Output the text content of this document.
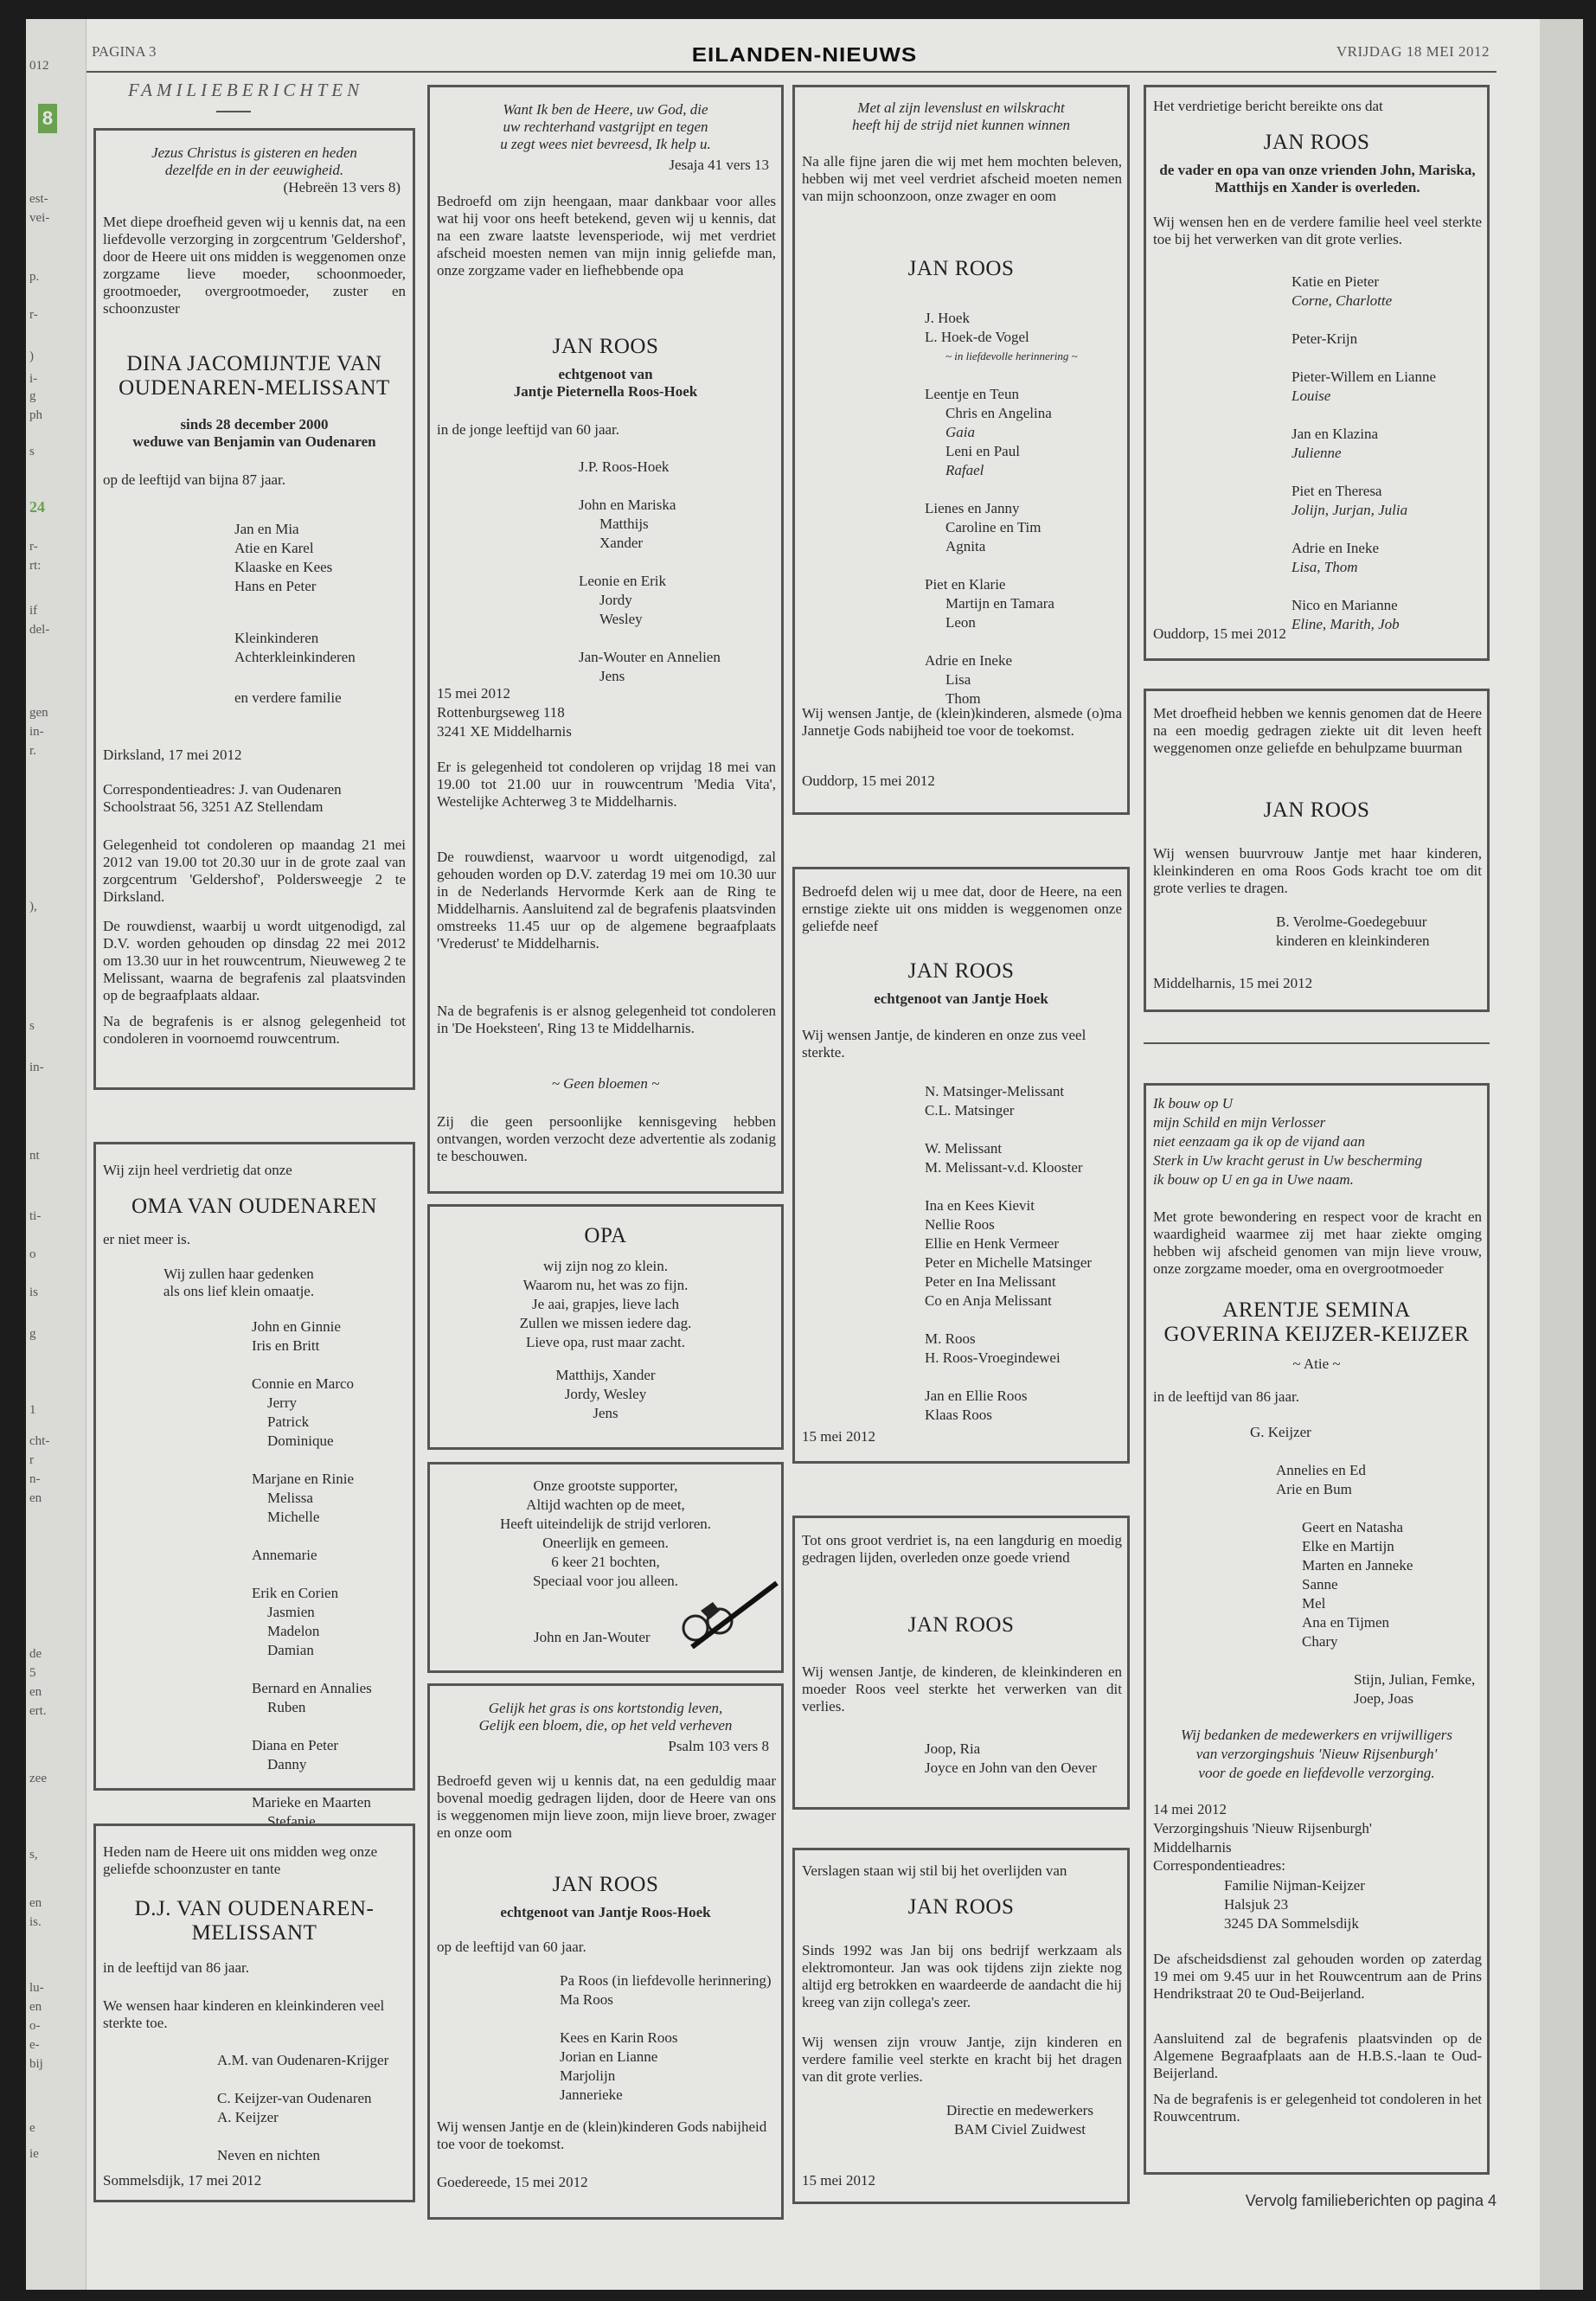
012
8
est-
vei-
p.
r-
)
i-
g
ph
s
24
r-
rt:
if
del-
gen
in-
r.
),
s
in-
nt
ti-
o
is
g
1
cht-
r
n-
en
de
5
en
ert.
zee
s,
en
is.
lu-
en
o-
e-
bij
e
ie
PAGINA 3	EILANDEN-NIEUWS	VRIJDAG 18 MEI 2012
FAMILIEBERICHTEN
Jezus Christus is gisteren en heden
dezelfde en in der eeuwigheid.
(Hebreën 13 vers 8)
Met diepe droefheid geven wij u kennis dat, na een liefdevolle verzorging in zorgcentrum 'Geldershof', door de Heere uit ons midden is weggenomen onze zorgzame lieve moeder, schoonmoeder, grootmoeder, overgrootmoeder, zuster en schoonzuster
DINA JACOMIJNTJE VAN
OUDENAREN-MELISSANT
sinds 28 december 2000
weduwe van Benjamin van Oudenaren
op de leeftijd van bijna 87 jaar.
Jan en Mia
Atie en Karel
Klaaske en Kees
Hans en Peter
Kleinkinderen
Achterkleinkinderen
en verdere familie
Dirksland, 17 mei 2012
Correspondentieadres: J. van Oudenaren
Schoolstraat 56, 3251 AZ Stellendam
Gelegenheid tot condoleren op maandag 21 mei 2012 van 19.00 tot 20.30 uur in de grote zaal van zorgcentrum 'Geldershof', Poldersweegje 2 te Dirksland.
De rouwdienst, waarbij u wordt uitgenodigd, zal D.V. worden gehouden op dinsdag 22 mei 2012 om 13.30 uur in het rouwcentrum, Nieuweweg 2 te Melissant, waarna de begrafenis zal plaatsvinden op de begraafplaats aldaar.
Na de begrafenis is er alsnog gelegenheid tot condoleren in voornoemd rouwcentrum.
Wij zijn heel verdrietig dat onze
OMA VAN OUDENAREN
er niet meer is.
Wij zullen haar gedenken
als ons lief klein omaatje.
John en Ginnie
Iris en Britt
Connie en Marco
Jerry
Patrick
Dominique
Marjane en Rinie
Melissa
Michelle
Annemarie
Erik en Corien
Jasmien
Madelon
Damian
Bernard en Annalies
Ruben
Diana en Peter
Danny
Marieke en Maarten
Stefanie
Heden nam de Heere uit ons midden weg onze geliefde schoonzuster en tante
D.J. VAN OUDENAREN-
MELISSANT
in de leeftijd van 86 jaar.
We wensen haar kinderen en kleinkinderen veel sterkte toe.
A.M. van Oudenaren-Krijger
C. Keijzer-van Oudenaren
A. Keijzer
Neven en nichten
Sommelsdijk, 17 mei 2012
Want Ik ben de Heere, uw God, die
uw rechterhand vastgrijpt en tegen
u zegt wees niet bevreesd, Ik help u.
Jesaja 41 vers 13
Bedroefd om zijn heengaan, maar dankbaar voor alles wat hij voor ons heeft betekend, geven wij u kennis, dat na een zware laatste levensperiode, wij met verdriet afscheid moesten nemen van mijn innig geliefde man, onze zorgzame vader en liefhebbende opa
JAN ROOS
echtgenoot van
Jantje Pieternella Roos-Hoek
in de jonge leeftijd van 60 jaar.
J.P. Roos-Hoek
John en Mariska
Matthijs
Xander
Leonie en Erik
Jordy
Wesley
Jan-Wouter en Annelien
Jens
15 mei 2012
Rottenburgseweg 118
3241 XE Middelharnis
Er is gelegenheid tot condoleren op vrijdag 18 mei van 19.00 tot 21.00 uur in rouwcentrum 'Media Vita', Westelijke Achterweg 3 te Middelharnis.
De rouwdienst, waarvoor u wordt uitgenodigd, zal gehouden worden op D.V. zaterdag 19 mei om 10.30 uur in de Nederlands Hervormde Kerk aan de Ring te Middelharnis. Aansluitend zal de begrafenis plaatsvinden omstreeks 11.45 uur op de algemene begraafplaats 'Vrederust' te Middelharnis.
Na de begrafenis is er alsnog gelegenheid tot condoleren in 'De Hoeksteen', Ring 13 te Middelharnis.
~ Geen bloemen ~
Zij die geen persoonlijke kennisgeving hebben ontvangen, worden verzocht deze advertentie als zodanig te beschouwen.
OPA
wij zijn nog zo klein.
Waarom nu, het was zo fijn.
Je aai, grapjes, lieve lach
Zullen we missen iedere dag.
Lieve opa, rust maar zacht.
Matthijs, Xander
Jordy, Wesley
Jens
Onze grootste supporter,
Altijd wachten op de meet,
Heeft uiteindelijk de strijd verloren.
Oneerlijk en gemeen.
6 keer 21 bochten,
Speciaal voor jou alleen.
John en Jan-Wouter
Gelijk het gras is ons kortstondig leven,
Gelijk een bloem, die, op het veld verheven
Psalm 103 vers 8
Bedroefd geven wij u kennis dat, na een geduldig maar bovenal moedig gedragen lijden, door de Heere van ons is weggenomen mijn lieve zoon, mijn lieve broer, zwager en onze oom
JAN ROOS
echtgenoot van Jantje Roos-Hoek
op de leeftijd van 60 jaar.
Pa Roos (in liefdevolle herinnering)
Ma Roos
Kees en Karin Roos
Jorian en Lianne
Marjolijn
Jannerieke
Wij wensen Jantje en de (klein)kinderen Gods nabijheid toe voor de toekomst.
Goedereede, 15 mei 2012
Met al zijn levenslust en wilskracht
heeft hij de strijd niet kunnen winnen
Na alle fijne jaren die wij met hem mochten beleven, hebben wij met veel verdriet afscheid moeten nemen van mijn schoonzoon, onze zwager en oom
JAN ROOS
J. Hoek
L. Hoek-de Vogel
~ in liefdevolle herinnering ~
Leentje en Teun
Chris en Angelina
Gaia
Leni en Paul
Rafael
Lienes en Janny
Caroline en Tim
Agnita
Piet en Klarie
Martijn en Tamara
Leon
Adrie en Ineke
Lisa
Thom
Wij wensen Jantje, de (klein)kinderen, alsmede (o)ma Jannetje Gods nabijheid toe voor de toekomst.
Ouddorp, 15 mei 2012
Bedroefd delen wij u mee dat, door de Heere, na een ernstige ziekte uit ons midden is weggenomen onze geliefde neef
JAN ROOS
echtgenoot van Jantje Hoek
Wij wensen Jantje, de kinderen en onze zus veel sterkte.
N. Matsinger-Melissant
C.L. Matsinger
W. Melissant
M. Melissant-v.d. Klooster
Ina en Kees Kievit
Nellie Roos
Ellie en Henk Vermeer
Peter en Michelle Matsinger
Peter en Ina Melissant
Co en Anja Melissant
M. Roos
H. Roos-Vroegindewei
Jan en Ellie Roos
Klaas Roos
15 mei 2012
Tot ons groot verdriet is, na een langdurig en moedig gedragen lijden, overleden onze goede vriend
JAN ROOS
Wij wensen Jantje, de kinderen, de kleinkinderen en moeder Roos veel sterkte het verwerken van dit verlies.
Joop, Ria
Joyce en John van den Oever
Verslagen staan wij stil bij het overlijden van
JAN ROOS
Sinds 1992 was Jan bij ons bedrijf werkzaam als elektromonteur. Jan was ook tijdens zijn ziekte nog altijd erg betrokken en waardeerde de aandacht die hij kreeg van zijn collega's zeer.
Wij wensen zijn vrouw Jantje, zijn kinderen en verdere familie veel sterkte en kracht bij het dragen van dit grote verlies.
Directie en medewerkers
BAM Civiel Zuidwest
15 mei 2012
Het verdrietige bericht bereikte ons dat
JAN ROOS
de vader en opa van onze vrienden John, Mariska, Matthijs en Xander is overleden.
Wij wensen hen en de verdere familie heel veel sterkte toe bij het verwerken van dit grote verlies.
Katie en Pieter
Corne, Charlotte
Peter-Krijn
Pieter-Willem en Lianne
Louise
Jan en Klazina
Julienne
Piet en Theresa
Jolijn, Jurjan, Julia
Adrie en Ineke
Lisa, Thom
Nico en Marianne
Eline, Marith, Job
Ouddorp, 15 mei 2012
Met droefheid hebben we kennis genomen dat de Heere na een moedig gedragen ziekte uit dit leven heeft weggenomen onze geliefde en behulpzame buurman
JAN ROOS
Wij wensen buurvrouw Jantje met haar kinderen, kleinkinderen en oma Roos Gods kracht toe om dit grote verlies te dragen.
B. Verolme-Goedegebuur
kinderen en kleinkinderen
Middelharnis, 15 mei 2012
Ik bouw op U
mijn Schild en mijn Verlosser
niet eenzaam ga ik op de vijand aan
Sterk in Uw kracht gerust in Uw bescherming
ik bouw op U en ga in Uwe naam.
Met grote bewondering en respect voor de kracht en waardigheid waarmee zij met haar ziekte omging hebben wij afscheid genomen van mijn lieve vrouw, onze zorgzame moeder, oma en overgrootmoeder
ARENTJE SEMINA
GOVERINA KEIJZER-KEIJZER
~ Atie ~
in de leeftijd van 86 jaar.
G. Keijzer
Annelies en Ed
Arie en Bum
Geert en Natasha
Elke en Martijn
Marten en Janneke
Sanne
Mel
Ana en Tijmen
Chary
Stijn, Julian, Femke,
Joep, Joas
Wij bedanken de medewerkers en vrijwilligers
van verzorgingshuis 'Nieuw Rijsenburgh'
voor de goede en liefdevolle verzorging.
14 mei 2012
Verzorgingshuis 'Nieuw Rijsenburgh'
Middelharnis
Correspondentieadres:
Familie Nijman-Keijzer
Halsjuk 23
3245 DA Sommelsdijk
De afscheidsdienst zal gehouden worden op zaterdag 19 mei om 9.45 uur in het Rouwcentrum aan de Prins Hendrikstraat 20 te Oud-Beijerland.
Aansluitend zal de begrafenis plaatsvinden op de Algemene Begraafplaats aan de H.B.S.-laan te Oud-Beijerland.
Na de begrafenis is er gelegenheid tot condoleren in het Rouwcentrum.
Vervolg familieberichten op pagina 4
